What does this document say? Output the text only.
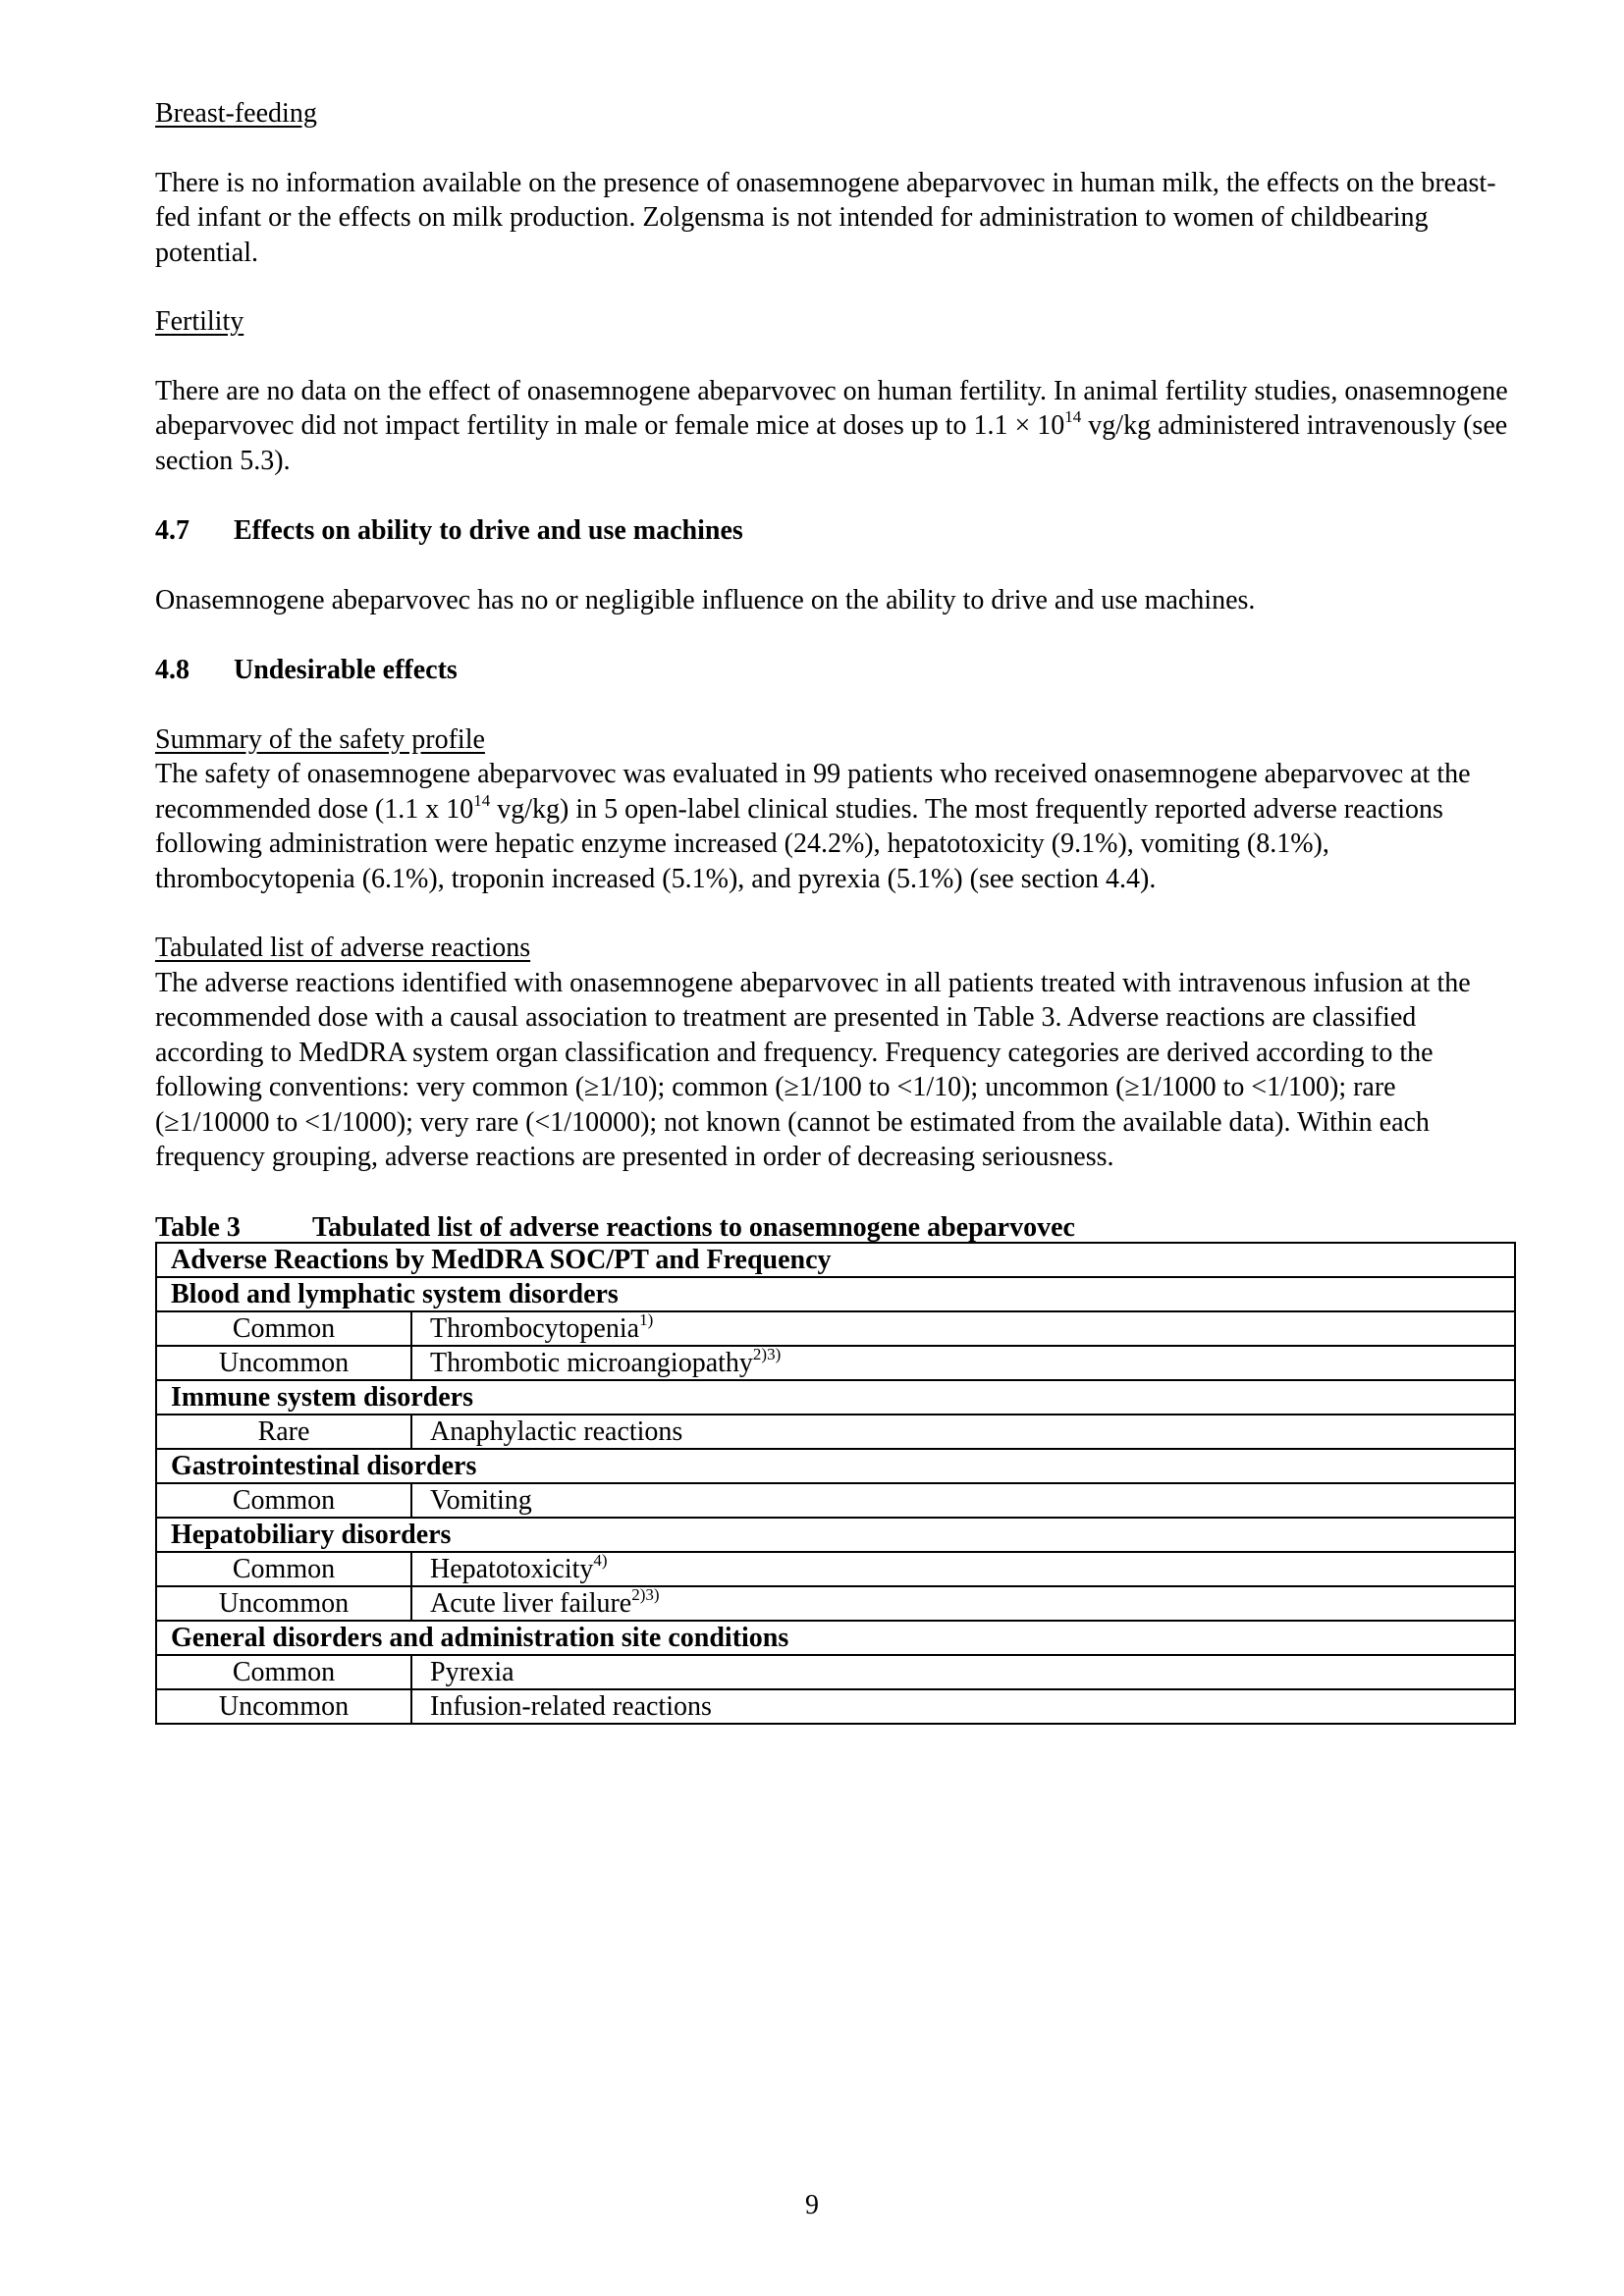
Breast-feeding

There is no information available on the presence of onasemnogene abeparvovec in human milk, the effects on the breast-fed infant or the effects on milk production. Zolgensma is not intended for administration to women of childbearing potential.

Fertility

There are no data on the effect of onasemnogene abeparvovec on human fertility. In animal fertility studies, onasemnogene abeparvovec did not impact fertility in male or female mice at doses up to $1.1 \times 10^{14}$ vg/kg administered intravenously (see section 5.3).

4.7	Effects on ability to drive and use machines

Onasemnogene abeparvovec has no or negligible influence on the ability to drive and use machines.

4.8	Undesirable effects

Summary of the safety profile

The safety of onasemnogene abeparvovec was evaluated in 99 patients who received onasemnogene abeparvovec at the recommended dose (1.1 x $10^{14}$ vg/kg) in 5 open-label clinical studies. The most frequently reported adverse reactions following administration were hepatic enzyme increased (24.2%), hepatotoxicity (9.1%), vomiting (8.1%), thrombocytopenia (6.1%), troponin increased (5.1%), and pyrexia (5.1%) (see section 4.4).

Tabulated list of adverse reactions

The adverse reactions identified with onasemnogene abeparvovec in all patients treated with intravenous infusion at the recommended dose with a causal association to treatment are presented in Table 3. Adverse reactions are classified according to MedDRA system organ classification and frequency. Frequency categories are derived according to the following conventions: very common (≥1/10); common (≥1/100 to <1/10); uncommon (≥1/1000 to <1/100); rare (≥1/10000 to <1/1000); very rare (<1/10000); not known (cannot be estimated from the available data). Within each frequency grouping, adverse reactions are presented in order of decreasing seriousness.

Table 3	Tabulated list of adverse reactions to onasemnogene abeparvovec
Adverse Reactions by MedDRA SOC/PT and Frequency	
Blood and lymphatic system disorders	
Common	Thrombocytopenia$^{1)}$
Uncommon	Thrombotic microangiopathy$^{2)3)}$
Immune system disorders	
Rare	Anaphylactic reactions
Gastrointestinal disorders	
Common	Vomiting
Hepatobiliary disorders	
Common	Hepatotoxicity$^{4)}$
Uncommon	Acute liver failure$^{2)3)}$
General disorders and administration site conditions	
Common	Pyrexia
Uncommon	Infusion-related reactions
9
